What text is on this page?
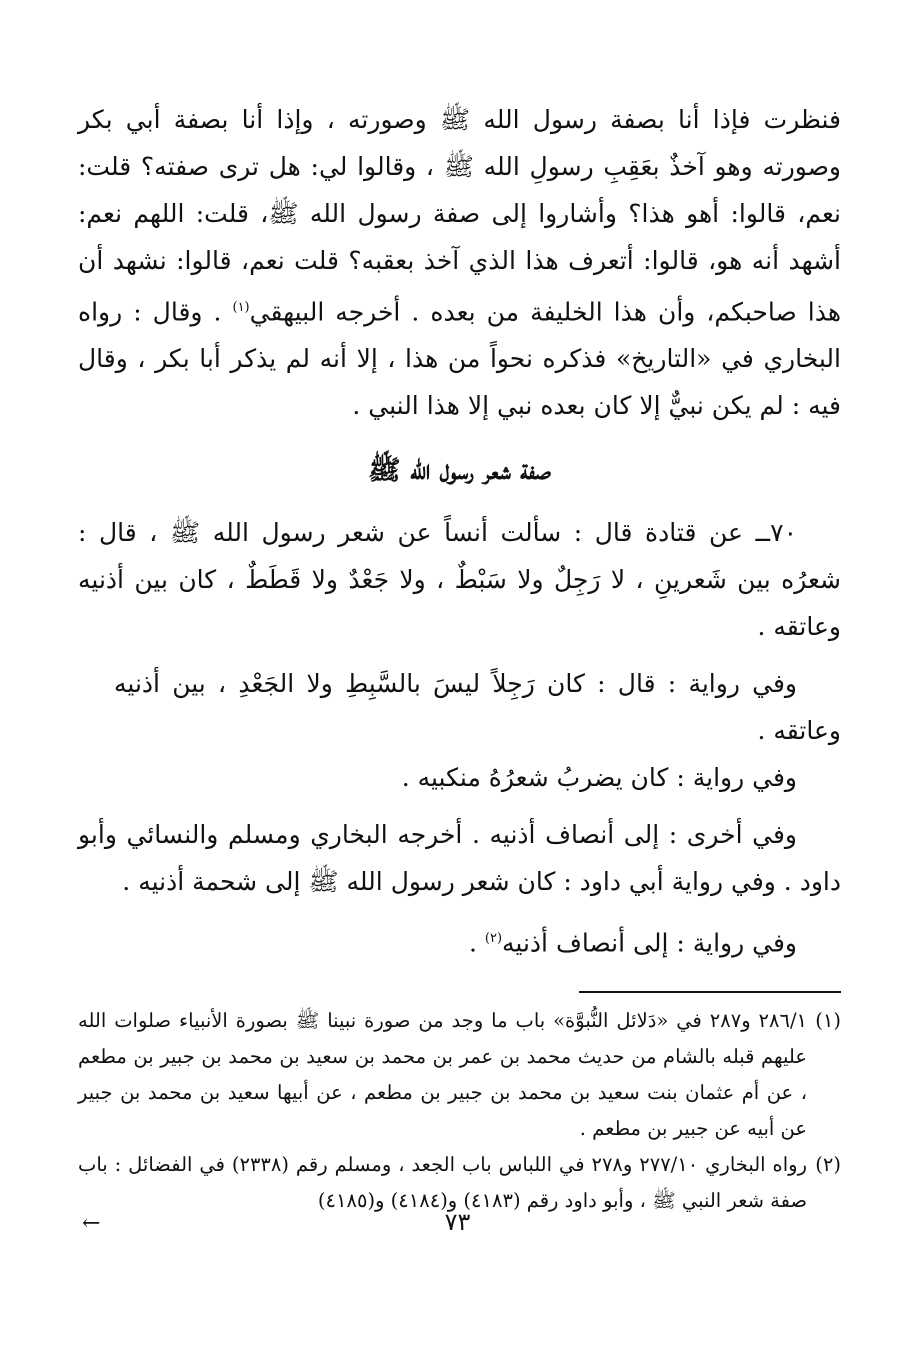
فنظرت فإذا أنا بصفة رسول الله ﷺ وصورته ، وإذا أنا بصفة أبي بكر وصورته وهو آخذٌ بعَقِبِ رسولِ الله ﷺ ، وقالوا لي: هل ترى صفته؟ قلت: نعم، قالوا: أهو هذا؟ وأشاروا إلى صفة رسول الله ﷺ، قلت: اللهم نعم: أشهد أنه هو، قالوا: أتعرف هذا الذي آخذ بعقبه؟ قلت نعم، قالوا: نشهد أن هذا صاحبكم، وأن هذا الخليفة من بعده . أخرجه البيهقي$^{(١)}$ . وقال : رواه البخاري في «التاريخ» فذكره نحواً من هذا ، إلا أنه لم يذكر أبا بكر ، وقال فيه : لم يكن نبيٌّ إلا كان بعده نبي إلا هذا النبي .

صفة شعر رسول الله ﷺ

٧٠ــ عن قتادة قال : سألت أنساً عن شعر رسول الله ﷺ ، قال : شعرُه بين شَعرينِ ، لا رَجِلٌ ولا سَبْطٌ ، ولا جَعْدٌ ولا قَطَطٌ ، كان بين أذنيه وعاتقه .

وفي رواية : قال : كان رَجِلاً ليسَ بالسَّبِطِ ولا الجَعْدِ ، بين أذنيه وعاتقه .

وفي رواية : كان يضربُ شعرُهُ منكبيه .

وفي أخرى : إلى أنصاف أذنيه . أخرجه البخاري ومسلم والنسائي وأبو داود . وفي رواية أبي داود : كان شعر رسول الله ﷺ إلى شحمة أذنيه .

وفي رواية : إلى أنصاف أذنيه$^{(٢)}$ .

(١)
٢٨٦/١ و٢٨٧ في «دَلائل النُّبوَّة» باب ما وجد من صورة نبينا ﷺ بصورة الأنبياء صلوات الله عليهم قبله بالشام من حديث محمد بن عمر بن محمد بن سعيد بن محمد بن جبير بن مطعم ، عن أم عثمان بنت سعيد بن محمد بن جبير بن مطعم ، عن أبيها سعيد بن محمد بن جبير عن أبيه عن جبير بن مطعم .
(٢)
رواه البخاري ٢٧٧/١٠ و٢٧٨ في اللباس باب الجعد ، ومسلم رقم (٢٣٣٨) في الفضائل : باب صفة شعر النبي ﷺ ، وأبو داود رقم (٤١٨٣) و(٤١٨٤) و(٤١٨٥)
←	٧٣
